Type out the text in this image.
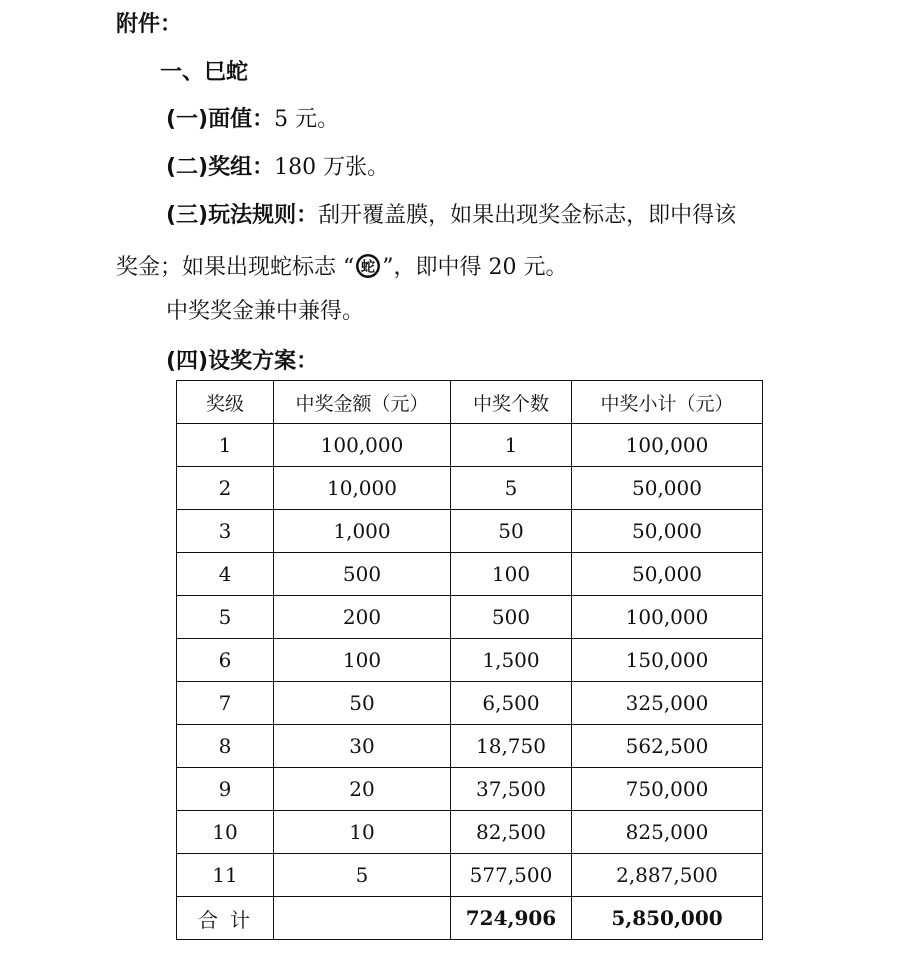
附件：
一、巳蛇
(一)面值：5 元。
(二)奖组：180 万张。
(三)玩法规则：刮开覆盖膜，如果出现奖金标志，即中得该
奖金；如果出现蛇标志 “ 蛇 ”，即中得 20 元。
中奖奖金兼中兼得。
(四)设奖方案：
奖级	中奖金额（元）	中奖个数	中奖小计（元）
1	100,000	1	100,000
2	10,000	5	50,000
3	1,000	50	50,000
4	500	100	50,000
5	200	500	100,000
6	100	1,500	150,000
7	50	6,500	325,000
8	30	18,750	562,500
9	20	37,500	750,000
10	10	82,500	825,000
11	5	577,500	2,887,500
合计		724,906	5,850,000
